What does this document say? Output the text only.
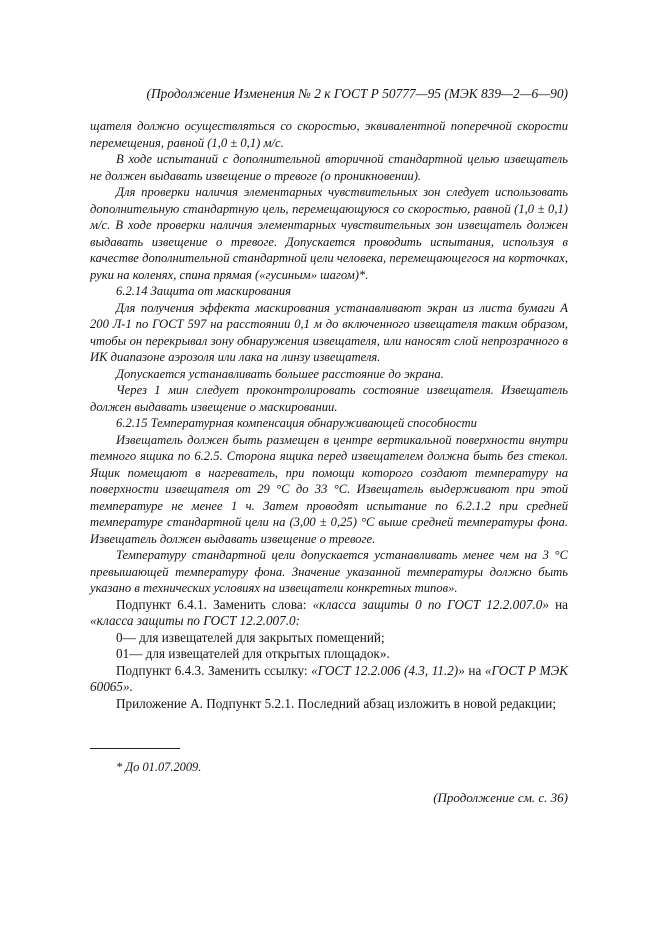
(Продолжение Изменения № 2 к ГОСТ Р 50777—95 (МЭК 839—2—6—90)

щателя должно осуществляться со скоростью, эквивалентной поперечной скорости перемещения, равной (1,0 ± 0,1) м/с.

В ходе испытаний с дополнительной вторичной стандартной целью извещатель не должен выдавать извещение о тревоге (о проникновении).

Для проверки наличия элементарных чувствительных зон следует использовать дополнительную стандартную цель, перемещающуюся со скоростью, равной (1,0 ± 0,1) м/с. В ходе проверки наличия элементарных чувствительных зон извещатель должен выдавать извещение о тревоге. Допускается проводить испытания, используя в качестве дополнительной стандартной цели человека, перемещающегося на корточках, руки на коленях, спина прямая («гусиным» шагом)*.

6.2.14 Защита от маскирования

Для получения эффекта маскирования устанавливают экран из листа бумаги А 200 Л-1 по ГОСТ 597 на расстоянии 0,1 м до включенного извещателя таким образом, чтобы он перекрывал зону обнаружения извещателя, или наносят слой непрозрачного в ИК диапазоне аэрозоля или лака на линзу извещателя.

Допускается устанавливать большее расстояние до экрана.

Через 1 мин следует проконтролировать состояние извещателя. Извещатель должен выдавать извещение о маскировании.

6.2.15 Температурная компенсация обнаруживающей способности

Извещатель должен быть размещен в центре вертикальной поверхности внутри темного ящика по 6.2.5. Сторона ящика перед извещателем должна быть без стекол. Ящик помещают в нагреватель, при помощи которого создают температуру на поверхности извещателя от 29 °С до 33 °С. Извещатель выдерживают при этой температуре не менее 1 ч. Затем проводят испытание по 6.2.1.2 при средней температуре стандартной цели на (3,00 ± 0,25) °С выше средней температуры фона. Извещатель должен выдавать извещение о тревоге.

Температуру стандартной цели допускается устанавливать менее чем на 3 °С превышающей температуру фона. Значение указанной температуры должно быть указано в технических условиях на извещатели конкретных типов».

Подпункт 6.4.1. Заменить слова: «класса защиты 0 по ГОСТ 12.2.007.0» на «класса защиты по ГОСТ 12.2.007.0:

0— для извещателей для закрытых помещений;

01— для извещателей для открытых площадок».

Подпункт 6.4.3. Заменить ссылку: «ГОСТ 12.2.006 (4.3, 11.2)» на «ГОСТ Р МЭК 60065».

Приложение А. Подпункт 5.2.1. Последний абзац изложить в новой редакции;

* До 01.07.2009.
(Продолжение см. с. 36)
